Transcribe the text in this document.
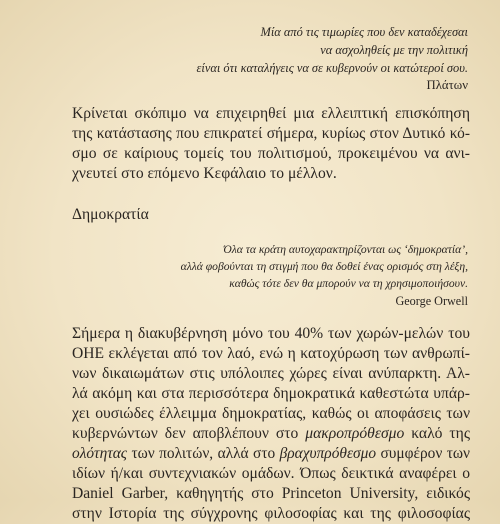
Μία από τις τιμωρίες που δεν καταδέχεσαι
να ασχοληθείς με την πολιτική
είναι ότι καταλήγεις να σε κυβερνούν οι κατώτεροί σου.
Πλάτων
Κρίνεται σκόπιμο να επιχειρηθεί μια ελλειπτική επισκόπηση
της κατάστασης που επικρατεί σήμερα, κυρίως στον Δυτικό κό-
σμο σε καίριους τομείς του πολιτισμού, προκειμένου να ανι-
χνευτεί στο επόμενο Κεφάλαιο το μέλλον.
Δημοκρατία
Όλα τα κράτη αυτοχαρακτηρίζονται ως ‘δημοκρατία’,
αλλά φοβούνται τη στιγμή που θα δοθεί ένας ορισμός στη λέξη,
καθώς τότε δεν θα μπορούν να τη χρησιμοποιήσουν.
George Orwell
Σήμερα η διακυβέρνηση μόνο του 40% των χωρών-μελών του
ΟΗΕ εκλέγεται από τον λαό, ενώ η κατοχύρωση των ανθρωπί-
νων δικαιωμάτων στις υπόλοιπες χώρες είναι ανύπαρκτη. Αλ-
λά ακόμη και στα περισσότερα δημοκρατικά καθεστώτα υπάρ-
χει ουσιώδες έλλειμμα δημοκρατίας, καθώς οι αποφάσεις των
κυβερνώντων δεν αποβλέπουν στο μακροπρόθεσμο καλό της
ολότητας των πολιτών, αλλά στο βραχυπρόθεσμο συμφέρον των
ιδίων ή/και συντεχνιακών ομάδων. Όπως δεικτικά αναφέρει ο
Daniel Garber, καθηγητής στο Princeton University, ειδικός
στην Ιστορία της σύγχρονης φιλοσοφίας και της φιλοσοφίας
